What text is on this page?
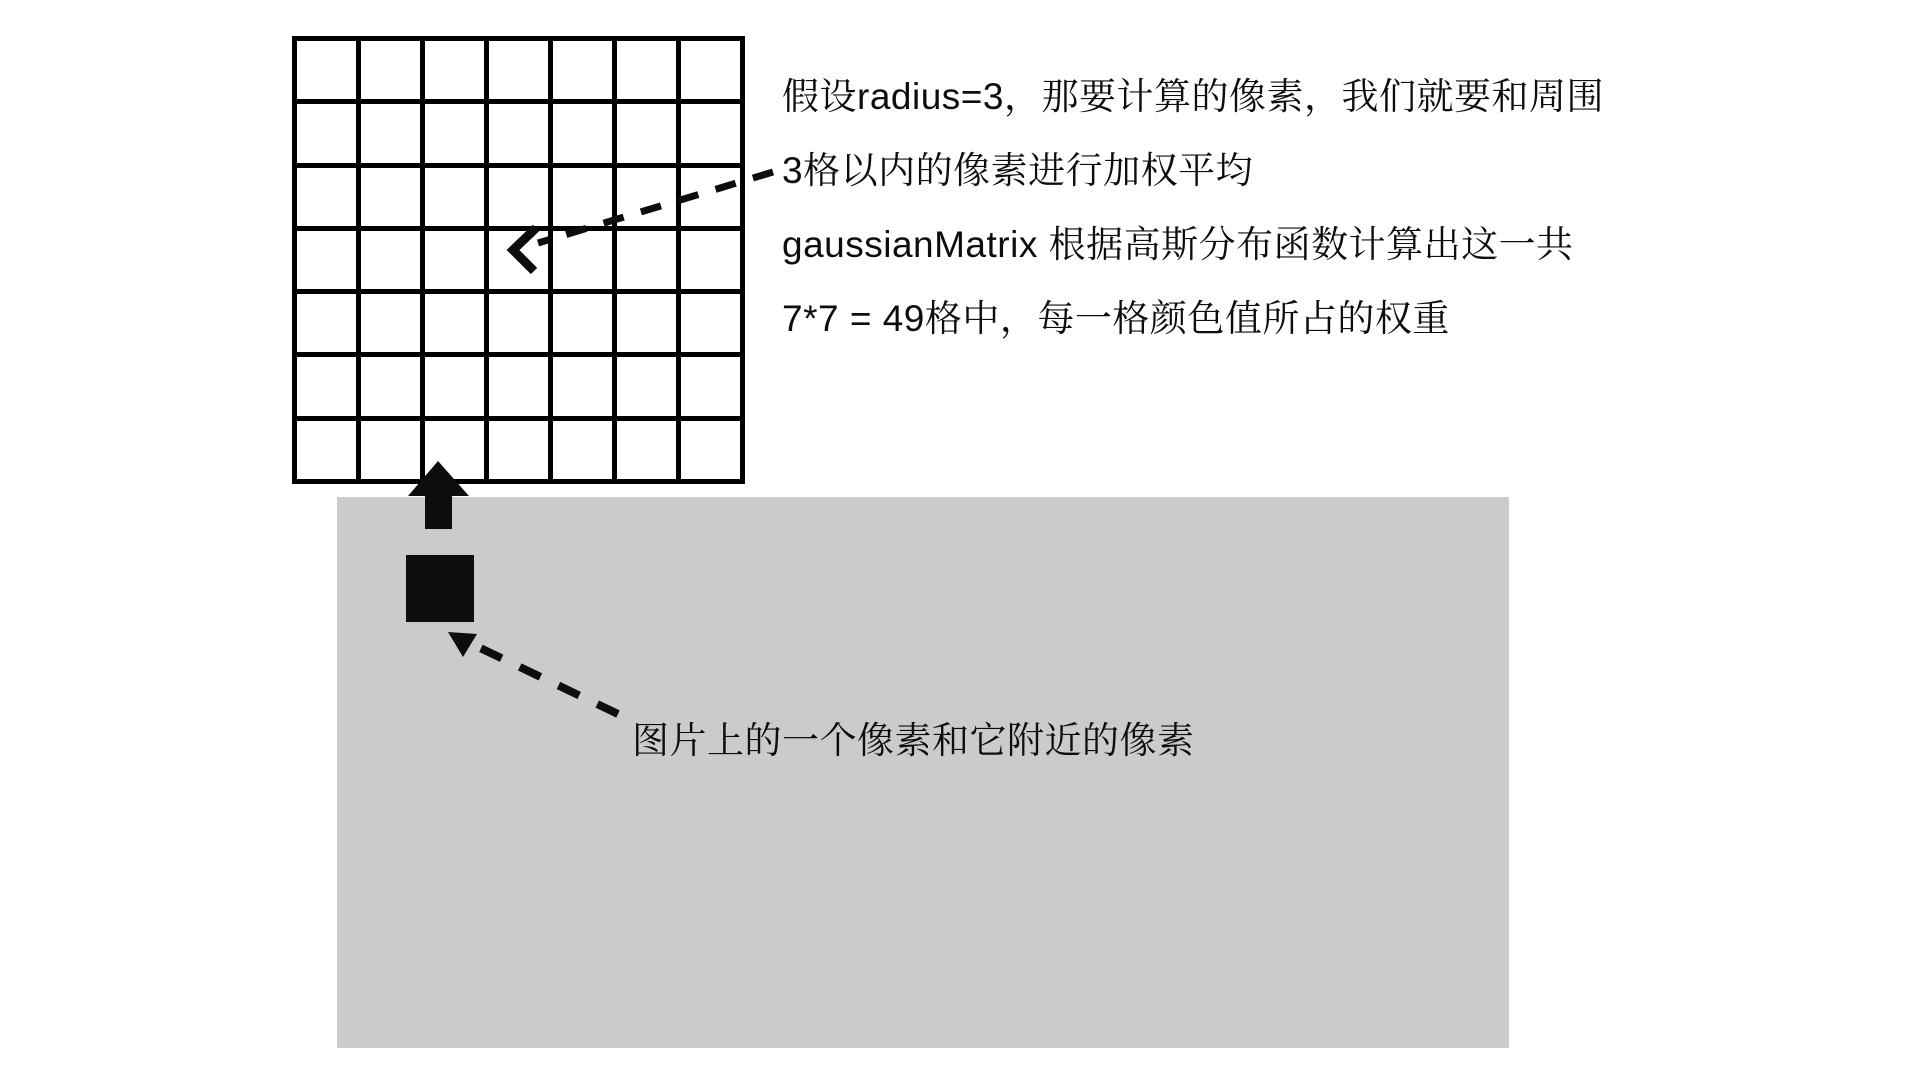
假设radius=3，那要计算的像素，我们就要和周围
3格以内的像素进行加权平均
gaussianMatrix 根据高斯分布函数计算出这一共
7*7 = 49格中，每一格颜色值所占的权重
图片上的一个像素和它附近的像素
